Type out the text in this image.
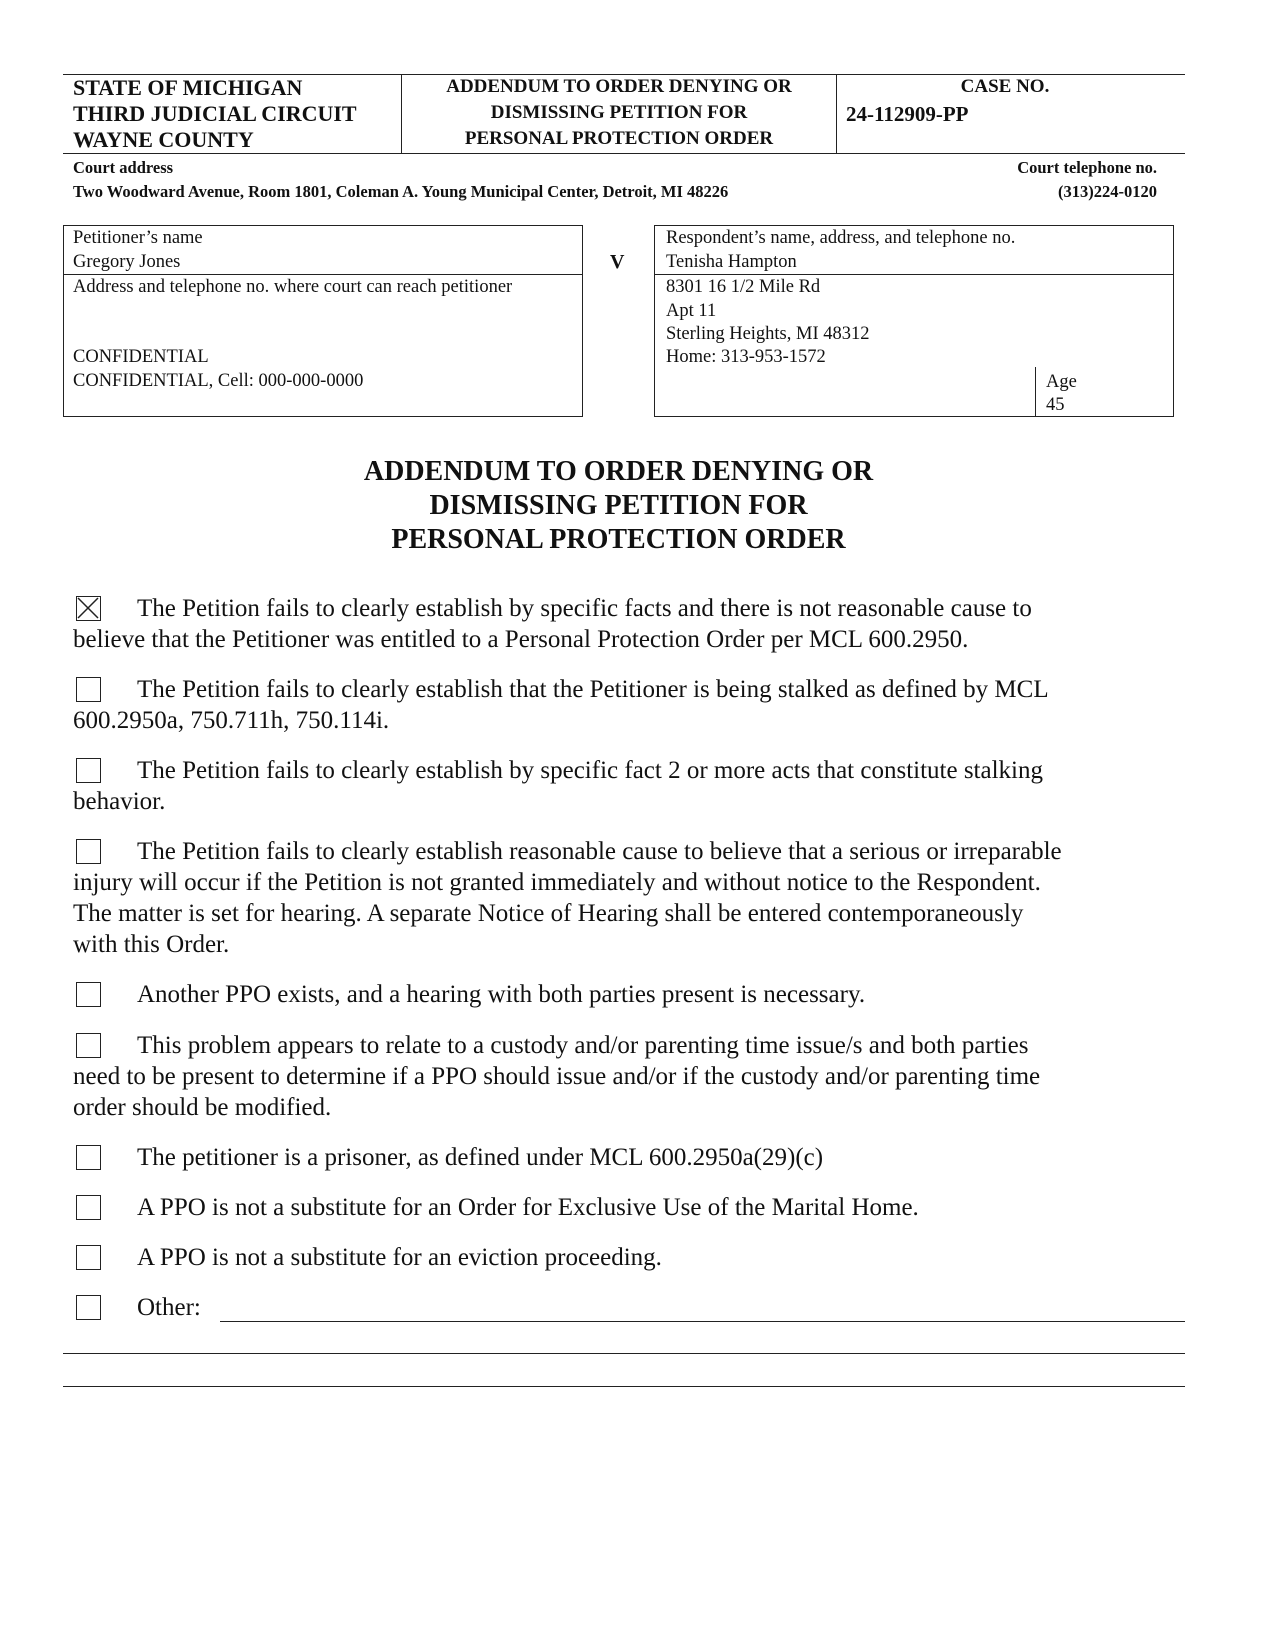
STATE OF MICHIGAN
THIRD JUDICIAL CIRCUIT
WAYNE COUNTY
ADDENDUM TO ORDER DENYING OR
DISMISSING PETITION FOR
PERSONAL PROTECTION ORDER
CASE NO.
24-112909-PP
Court address
Two Woodward Avenue, Room 1801, Coleman A. Young Municipal Center, Detroit, MI 48226
Court telephone no.
(313)224-0120
Petitioner’s name
Gregory Jones
Address and telephone no. where court can reach petitioner
CONFIDENTIAL
CONFIDENTIAL, Cell: 000-000-0000
V
Respondent’s name, address, and telephone no.
Tenisha Hampton
8301 16 1/2 Mile Rd
Apt 11
Sterling Heights, MI 48312
Home: 313-953-1572
Age
45
ADDENDUM TO ORDER DENYING OR
DISMISSING PETITION FOR
PERSONAL PROTECTION ORDER
The Petition fails to clearly establish by specific facts and there is not reasonable cause to
believe that the Petitioner was entitled to a Personal Protection Order per MCL 600.2950.
The Petition fails to clearly establish that the Petitioner is being stalked as defined by MCL
600.2950a, 750.711h, 750.114i.
The Petition fails to clearly establish by specific fact 2 or more acts that constitute stalking
behavior.
The Petition fails to clearly establish reasonable cause to believe that a serious or irreparable
injury will occur if the Petition is not granted immediately and without notice to the Respondent.
The matter is set for hearing. A separate Notice of Hearing shall be entered contemporaneously
with this Order.
Another PPO exists, and a hearing with both parties present is necessary.
This problem appears to relate to a custody and/or parenting time issue/s and both parties
need to be present to determine if a PPO should issue and/or if the custody and/or parenting time
order should be modified.
The petitioner is a prisoner, as defined under MCL 600.2950a(29)(c)
A PPO is not a substitute for an Order for Exclusive Use of the Marital Home.
A PPO is not a substitute for an eviction proceeding.
Other:
